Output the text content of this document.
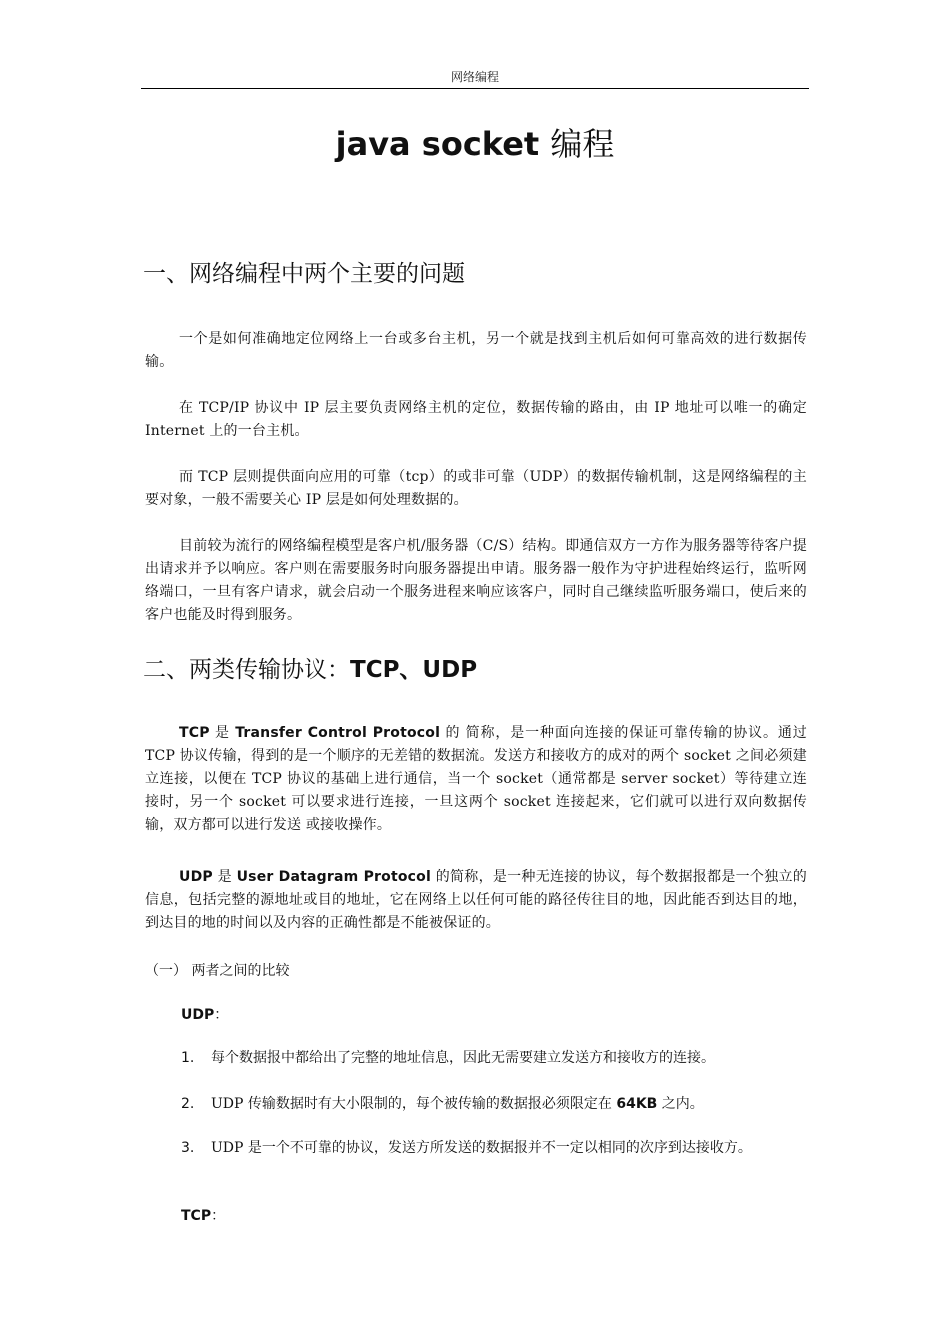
网络编程
java socket 编程
一、网络编程中两个主要的问题

一个是如何准确地定位网络上一台或多台主机，另一个就是找到主机后如何可靠高效的进行数据传输。

在 TCP/IP 协议中 IP 层主要负责网络主机的定位，数据传输的路由，由 IP 地址可以唯一的确定 Internet 上的一台主机。

而 TCP 层则提供面向应用的可靠（tcp）的或非可靠（UDP）的数据传输机制，这是网络编程的主要对象，一般不需要关心 IP 层是如何处理数据的。

目前较为流行的网络编程模型是客户机/服务器（C/S）结构。即通信双方一方作为服务器等待客户提出请求并予以响应。客户则在需要服务时向服务器提出申请。服务器一般作为守护进程始终运行，监听网络端口，一旦有客户请求，就会启动一个服务进程来响应该客户，同时自己继续监听服务端口，使后来的客户也能及时得到服务。

二、两类传输协议：TCP、UDP

TCP 是 Transfer Control Protocol 的 简称，是一种面向连接的保证可靠传输的协议。通过 TCP 协议传输，得到的是一个顺序的无差错的数据流。发送方和接收方的成对的两个 socket 之间必须建 立连接，以便在 TCP 协议的基础上进行通信，当一个 socket（通常都是 server socket）等待建立连接时，另一个 socket 可以要求进行连接，一旦这两个 socket 连接起来，它们就可以进行双向数据传输，双方都可以进行发送 或接收操作。

UDP 是 User Datagram Protocol 的简称，是一种无连接的协议，每个数据报都是一个独立的信息，包括完整的源地址或目的地址，它在网络上以任何可能的路径传往目的地，因此能否到达目的地，到达目的地的时间以及内容的正确性都是不能被保证的。

（一） 两者之间的比较

UDP：

1.	每个数据报中都给出了完整的地址信息，因此无需要建立发送方和接收方的连接。
2.	UDP 传输数据时有大小限制的，每个被传输的数据报必须限定在 64KB 之内。
3.	UDP 是一个不可靠的协议，发送方所发送的数据报并不一定以相同的次序到达接收方。

TCP：
